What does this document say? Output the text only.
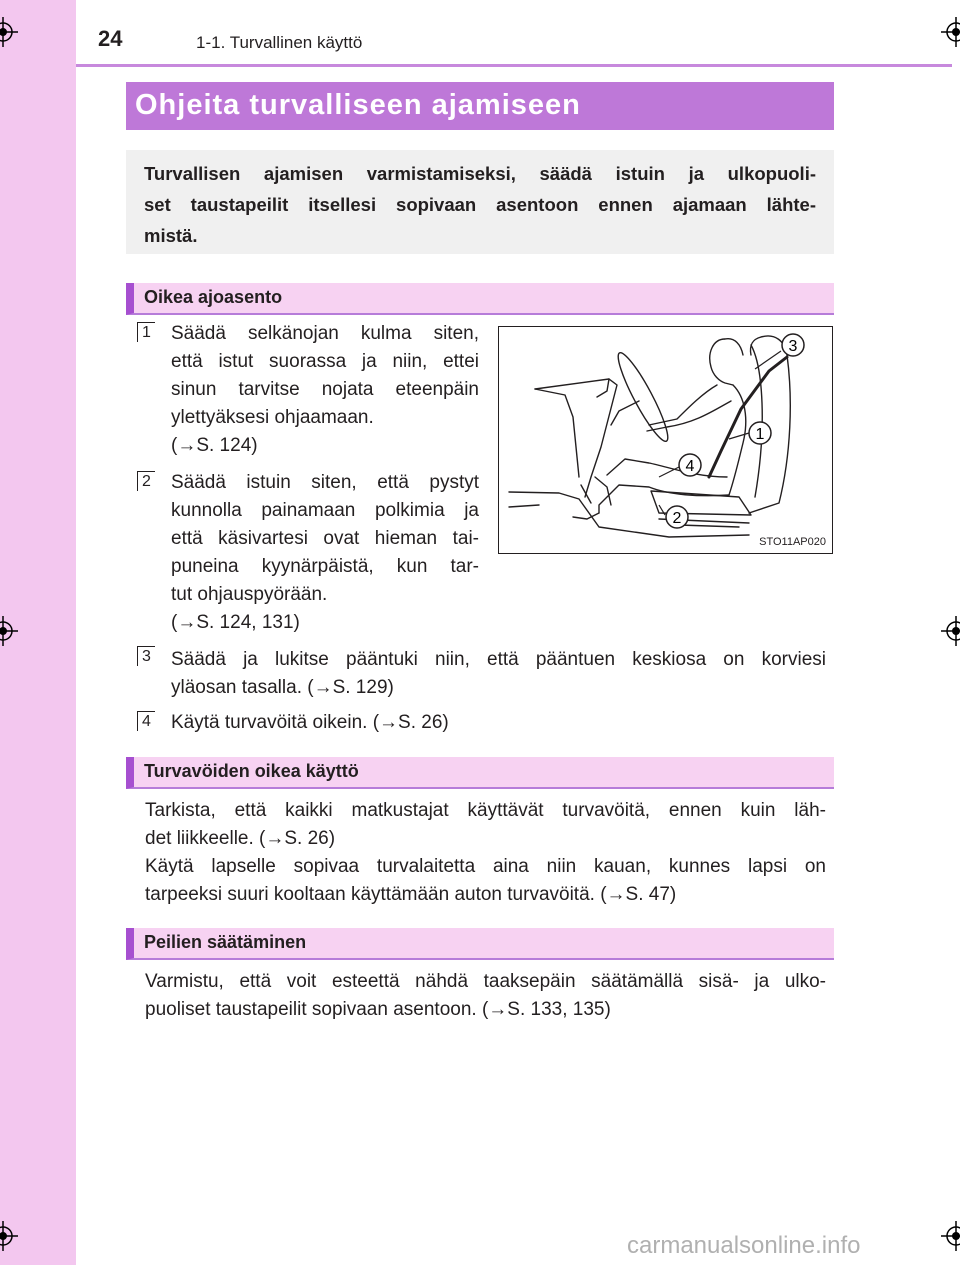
24	1-1. Turvallinen käyttö
Ohjeita turvalliseen ajamiseen
Turvallisen ajamisen varmistamiseksi, säädä istuin ja ulkopuoli-
set taustapeilit itsellesi sopivaan asentoon ennen ajamaan lähte-
mistä.
Oikea ajoasento
1 Säädä selkänojan kulma siten,
että istut suorassa ja niin, ettei
sinun tarvitse nojata eteenpäin
ylettyäksesi ohjaamaan.
(→S. 124)
2 Säädä istuin siten, että pystyt
kunnolla painamaan polkimia ja
että käsivartesi ovat hieman tai-
puneina kyynärpäistä, kun tar-
tut ohjauspyörään.
(→S. 124, 131)
3 Säädä ja lukitse pääntuki niin, että pääntuen keskiosa on korviesi
yläosan tasalla. (→S. 129)
4 Käytä turvavöitä oikein. (→S. 26)
3
1
4
2
STO11AP020
Turvavöiden oikea käyttö
Tarkista, että kaikki matkustajat käyttävät turvavöitä, ennen kuin läh-
det liikkeelle. (→S. 26)
Käytä lapselle sopivaa turvalaitetta aina niin kauan, kunnes lapsi on
tarpeeksi suuri kooltaan käyttämään auton turvavöitä. (→S. 47)
Peilien säätäminen
Varmistu, että voit esteettä nähdä taaksepäin säätämällä sisä- ja ulko-
puoliset taustapeilit sopivaan asentoon. (→S. 133, 135)
carmanualsonline.info
